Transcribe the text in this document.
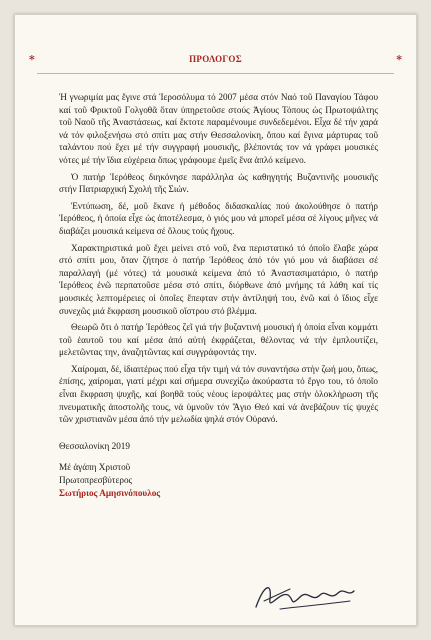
*	ΠΡΟΛΟΓΟΣ	*

Ἡ γνωριμία μας ἔγινε στά Ἱεροσόλυμα τό 2007 μέσα στόν Ναό τοῦ Παναγίου Τάφου καί τοῦ Φρικτοῦ Γολγοθᾶ ὅταν ὑπηρετοῦσε στούς Ἁγίους Τόπους ὡς Πρωτοψάλτης τοῦ Ναοῦ τῆς Ἀναστάσεως, καί ἔκτοτε παραμένουμε συνδεδεμένοι. Εἶχα δέ τήν χαρά νά τόν φιλοξενήσω στό σπίτι μας στήν Θεσσαλονίκη, ὅπου καί ἔγινα μάρτυρας τοῦ ταλάντου πού ἔχει μέ τήν συγγραφή μουσικῆς, βλέποντάς τον νά γράφει μουσικές νότες μέ τήν ἴδια εὐχέρεια ὅπως γράφουμε ἐμεῖς ἕνα ἁπλό κείμενο.

Ὁ πατήρ Ἱερόθεος διηκόνησε παράλληλα ὡς καθηγητής Βυζαντινῆς μουσικῆς στήν Πατριαρχική Σχολή τῆς Σιών.

Ἐντύπωση, δέ, μοῦ ἔκανε ἡ μέθοδος διδασκαλίας πού ἀκολούθησε ὁ πατήρ Ἱερόθεος, ἡ ὁποία εἶχε ὡς ἀποτέλεσμα, ὁ γιός μου νά μπορεῖ μέσα σέ λίγους μῆνες νά διαβάζει μουσικά κείμενα σέ ὅλους τούς ἤχους.

Χαρακτηριστικά μοῦ ἔχει μείνει στό νοῦ, ἕνα περιστατικό τό ὁποῖο ἔλαβε χώρα στό σπίτι μου, ὅταν ζήτησε ὁ πατήρ Ἱερόθεος ἀπό τόν γιό μου νά διαβάσει σέ παραλλαγή (μέ νότες) τά μουσικά κείμενα ἀπό τό Ἀναστασιματάριο, ὁ πατήρ Ἱερόθεος ἐνῶ περπατοῦσε μέσα στό σπίτι, διόρθωνε ἀπό μνήμης τά λάθη καί τίς μουσικές λεπτομέρειες οἱ ὁποῖες ἔπεφταν στήν ἀντίληψή του, ἐνῶ καί ὁ ἴδιος εἶχε συνεχῶς μιά ἔκφραση μουσικοῦ οἴστρου στό βλέμμα.

Θεωρῶ ὅτι ὁ πατήρ Ἱερόθεος ζεῖ γιά τήν βυζαντινή μουσική ἡ ὁποία εἶναι κομμάτι τοῦ ἑαυτοῦ του καί μέσα ἀπό αὐτή ἐκφράζεται, θέλοντας νά τήν ἐμπλουτίζει, μελετῶντας την, ἀναζητῶντας καί συγγράφοντάς την.

Χαίρομαι, δέ, ἰδιαιτέρως πού εἶχα τήν τιμή νά τόν συναντήσω στήν ζωή μου, ὅπως, ἐπίσης, χαίρομαι, γιατί μέχρι καί σήμερα συνεχίζω ἀκούραστα τό ἔργο του, τό ὁποῖο εἶναι ἔκφραση ψυχῆς, καί βοηθᾶ τούς νέους ἱεροψάλτες μας στήν ὁλοκλήρωση τῆς πνευματικῆς ἀποστολῆς τους, νά ὑμνοῦν τόν Ἅγιο Θεό καί νά ἀνεβάζουν τίς ψυχές τῶν χριστιανῶν μέσα ἀπό τήν μελωδία ψηλά στόν Οὐρανό.

Θεσσαλονίκη 2019
Μέ ἀγάπη Χριστοῦ
Πρωτοπρεσβύτερος
Σωτήριος Αμησινόπουλος
